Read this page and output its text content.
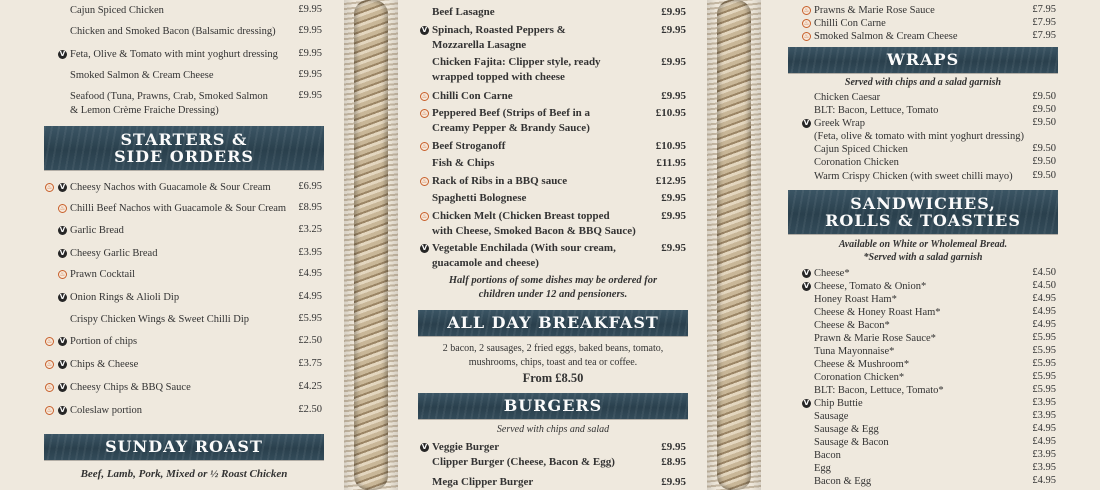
Cajun Spiced Chicken	£9.95
Chicken and Smoked Bacon (Balsamic dressing) £9.95
V Feta, Olive & Tomato with mint yoghurt dressing £9.95
Smoked Salmon & Cream Cheese	£9.95
Seafood (Tuna, Prawns, Crab, Smoked Salmon
& Lemon Crème Fraiche Dressing)
£9.95
STARTERS &
SIDE ORDERS
♨ V Cheesy Nachos with Guacamole & Sour Cream	£6.95
♨ Chilli Beef Nachos with Guacamole & Sour Cream £8.95
V Garlic Bread	£3.25
V Cheesy Garlic Bread	£3.95
♨ Prawn Cocktail	£4.95
V Onion Rings & Alioli Dip	£4.95
Crispy Chicken Wings & Sweet Chilli Dip	£5.95
♨ V Portion of chips	£2.50
♨ V Chips & Cheese	£3.75
♨ V Cheesy Chips & BBQ Sauce	£4.25
♨ V Coleslaw portion	£2.50
SUNDAY ROAST
Beef, Lamb, Pork, Mixed or ½ Roast Chicken
Beef Lasagne	£9.95
V Spinach, Roasted Peppers &
Mozzarella Lasagne
£9.95
Chicken Fajita: Clipper style, ready
wrapped topped with cheese
£9.95
♨ Chilli Con Carne	£9.95
♨ Peppered Beef (Strips of Beef in a
Creamy Pepper & Brandy Sauce)
£10.95
♨ Beef Stroganoff	£10.95
Fish & Chips	£11.95
♨ Rack of Ribs in a BBQ sauce	£12.95
Spaghetti Bolognese	£9.95
♨ Chicken Melt (Chicken Breast topped
with Cheese, Smoked Bacon & BBQ Sauce)
£9.95
V Vegetable Enchilada (With sour cream,
guacamole and cheese)
£9.95
Half portions of some dishes may be ordered for
children under 12 and pensioners.
ALL DAY BREAKFAST
2 bacon, 2 sausages, 2 fried eggs, baked beans, tomato,
mushrooms, chips, toast and tea or coffee.
From £8.50
BURGERS
Served with chips and salad
V Veggie Burger	£9.95
Clipper Burger (Cheese, Bacon & Egg)	£8.95
Mega Clipper Burger	£9.95
♨ Prawns & Marie Rose Sauce	£7.95
♨ Chilli Con Carne	£7.95
♨ Smoked Salmon & Cream Cheese	£7.95
WRAPS
Served with chips and a salad garnish
Chicken Caesar	£9.50
BLT: Bacon, Lettuce, Tomato	£9.50
V Greek Wrap	£9.50
(Feta, olive & tomato with mint yoghurt dressing)
Cajun Spiced Chicken	£9.50
Coronation Chicken	£9.50
Warm Crispy Chicken (with sweet chilli mayo) £9.50
SANDWICHES,
ROLLS & TOASTIES
Available on White or Wholemeal Bread.
*Served with a salad garnish
V Cheese*	£4.50
V Cheese, Tomato & Onion*	£4.50
Honey Roast Ham*	£4.95
Cheese & Honey Roast Ham*	£4.95
Cheese & Bacon*	£4.95
Prawn & Marie Rose Sauce*	£5.95
Tuna Mayonnaise*	£5.95
Cheese & Mushroom*	£5.95
Coronation Chicken*	£5.95
BLT: Bacon, Lettuce, Tomato*	£5.95
V Chip Buttie	£3.95
Sausage	£3.95
Sausage & Egg	£4.95
Sausage & Bacon	£4.95
Bacon	£3.95
Egg	£3.95
Bacon & Egg	£4.95
